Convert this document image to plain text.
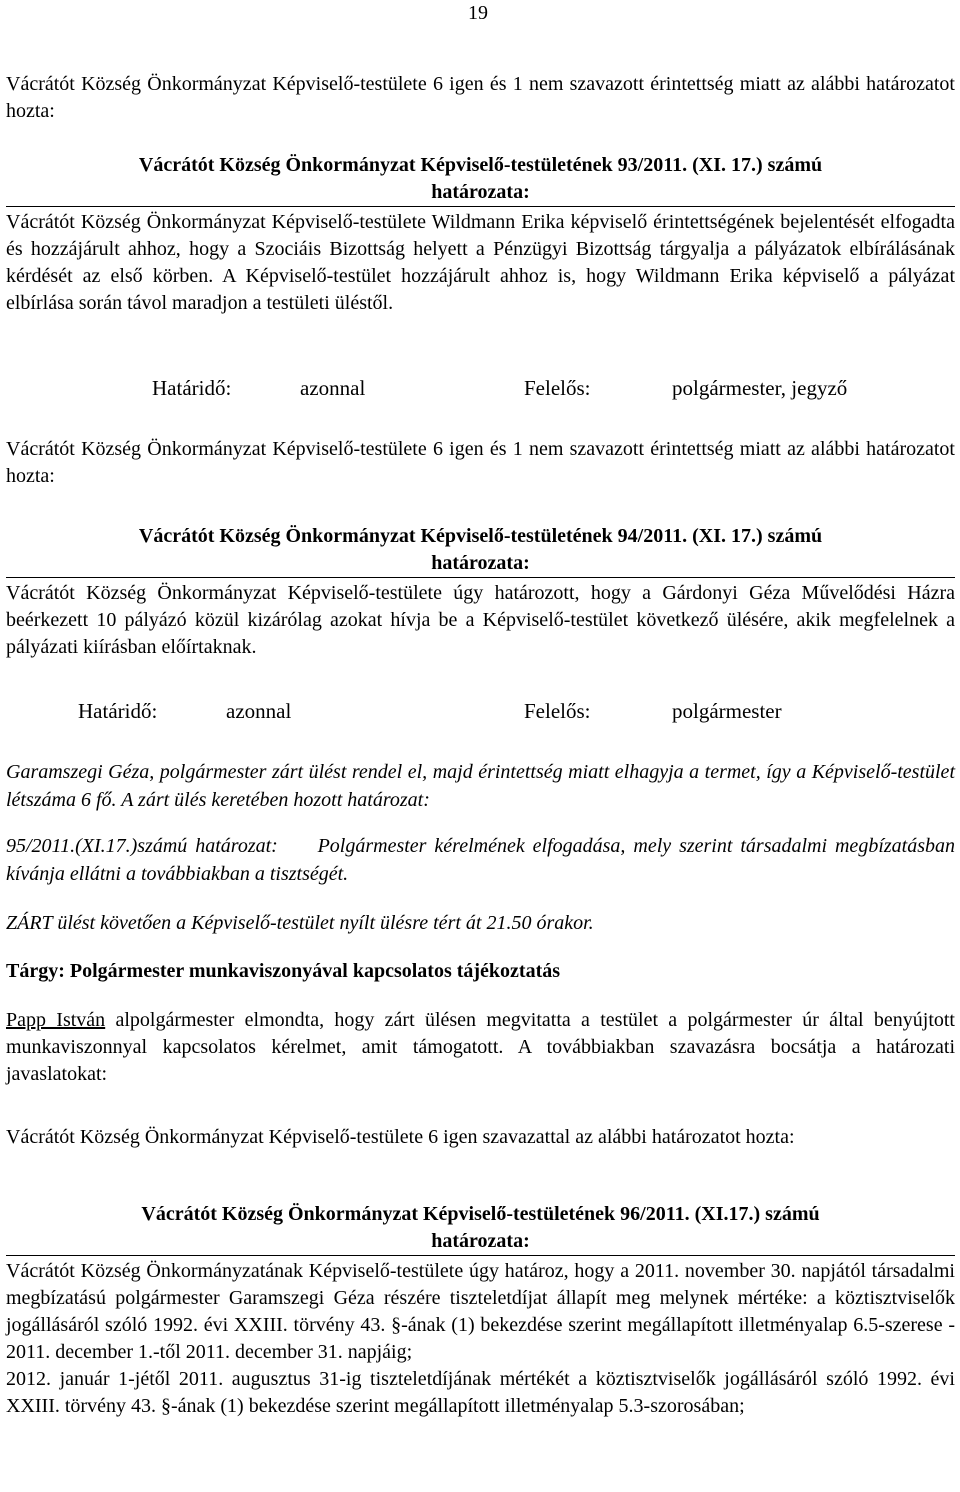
19

Vácrátót Község Önkormányzat Képviselő-testülete 6 igen és 1 nem szavazott érintettség miatt az alábbi határozatot hozta:

Vácrátót Község Önkormányzat Képviselő-testületének 93/2011. (XI. 17.) számú

határozata:

Vácrátót Község Önkormányzat Képviselő-testülete Wildmann Erika képviselő érintettségének bejelentését elfogadta és hozzájárult ahhoz, hogy a Szociáis Bizottság helyett a Pénzügyi Bizottság tárgyalja a pályázatok elbírálásának kérdését az első körben. A Képviselő-testület hozzájárult ahhoz is, hogy Wildmann Erika képviselő a pályázat elbírlása során távol maradjon a testületi üléstől.

Határidő:	azonnal	Felelős:	polgármester, jegyző

Vácrátót Község Önkormányzat Képviselő-testülete 6 igen és 1 nem szavazott érintettség miatt az alábbi határozatot hozta:

Vácrátót Község Önkormányzat Képviselő-testületének 94/2011. (XI. 17.) számú

határozata:

Vácrátót Község Önkormányzat Képviselő-testülete úgy határozott, hogy a Gárdonyi Géza Művelődési Házra beérkezett 10 pályázó közül kizárólag azokat hívja be a Képviselő-testület következő ülésére, akik megfelelnek a pályázati kiírásban előírtaknak.

Határidő:	azonnal	Felelős:	polgármester

Garamszegi Géza, polgármester zárt ülést rendel el, majd érintettség miatt elhagyja a termet, így a Képviselő-testület létszáma 6 fő. A zárt ülés keretében hozott határozat:

95/2011.(XI.17.)számú határozat: Polgármester kérelmének elfogadása, mely szerint társadalmi megbízatásban kívánja ellátni a továbbiakban a tisztségét.

ZÁRT ülést követően a Képviselő-testület nyílt ülésre tért át 21.50 órakor.

Tárgy: Polgármester munkaviszonyával kapcsolatos tájékoztatás

Papp István alpolgármester elmondta, hogy zárt ülésen megvitatta a testület a polgármester úr által benyújtott munkaviszonnyal kapcsolatos kérelmet, amit támogatott. A továbbiakban szavazásra bocsátja a határozati javaslatokat:

Vácrátót Község Önkormányzat Képviselő-testülete 6 igen szavazattal az alábbi határozatot hozta:

Vácrátót Község Önkormányzat Képviselő-testületének 96/2011. (XI.17.) számú

határozata:

Vácrátót Község Önkormányzatának Képviselő-testülete úgy határoz, hogy a 2011. november 30. napjától társadalmi megbízatású polgármester Garamszegi Géza részére tiszteletdíjat állapít meg melynek mértéke: a köztisztviselők jogállásáról szóló 1992. évi XXIII. törvény 43. §-ának (1) bekezdése szerint megállapított illetményalap 6.5-szerese - 2011. december 1.-től 2011. december 31. napjáig;

2012. január 1-jétől 2011. augusztus 31-ig tiszteletdíjának mértékét a köztisztviselők jogállásáról szóló 1992. évi XXIII. törvény 43. §-ának (1) bekezdése szerint megállapított illetményalap 5.3-szorosában;
